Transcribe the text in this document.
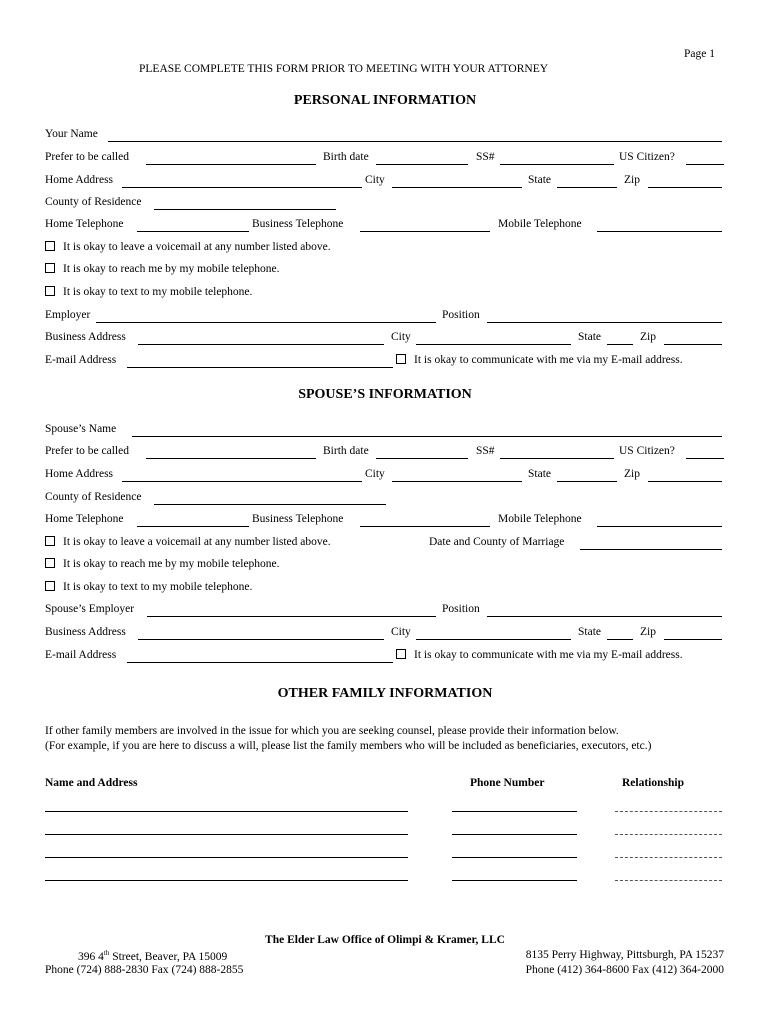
Page 1
PLEASE COMPLETE THIS FORM PRIOR TO MEETING WITH YOUR ATTORNEY
PERSONAL INFORMATION
Your Name
Prefer to be called	Birth date	SS#	US Citizen?
Home Address	City	State	Zip
County of Residence
Home Telephone	Business Telephone	Mobile Telephone
It is okay to leave a voicemail at any number listed above.
It is okay to reach me by my mobile telephone.
It is okay to text to my mobile telephone.
Employer	Position
Business Address	City	State	Zip
E-mail Address	It is okay to communicate with me via my E-mail address.
SPOUSE’S INFORMATION
Spouse’s Name
Prefer to be called	Birth date	SS#	US Citizen?
Home Address	City	State	Zip
County of Residence
Home Telephone	Business Telephone	Mobile Telephone
It is okay to leave a voicemail at any number listed above.	Date and County of Marriage
It is okay to reach me by my mobile telephone.
It is okay to text to my mobile telephone.
Spouse’s Employer	Position
Business Address	City	State	Zip
E-mail Address	It is okay to communicate with me via my E-mail address.
OTHER FAMILY INFORMATION
If other family members are involved in the issue for which you are seeking counsel, please provide their information below.
(For example, if you are here to discuss a will, please list the family members who will be included as beneficiaries, executors, etc.)
Name and Address	Phone Number	Relationship
The Elder Law Office of Olimpi & Kramer, LLC
396 4th Street, Beaver, PA 15009
Phone (724) 888-2830 Fax (724) 888-2855
8135 Perry Highway, Pittsburgh, PA 15237
Phone (412) 364-8600 Fax (412) 364-2000
